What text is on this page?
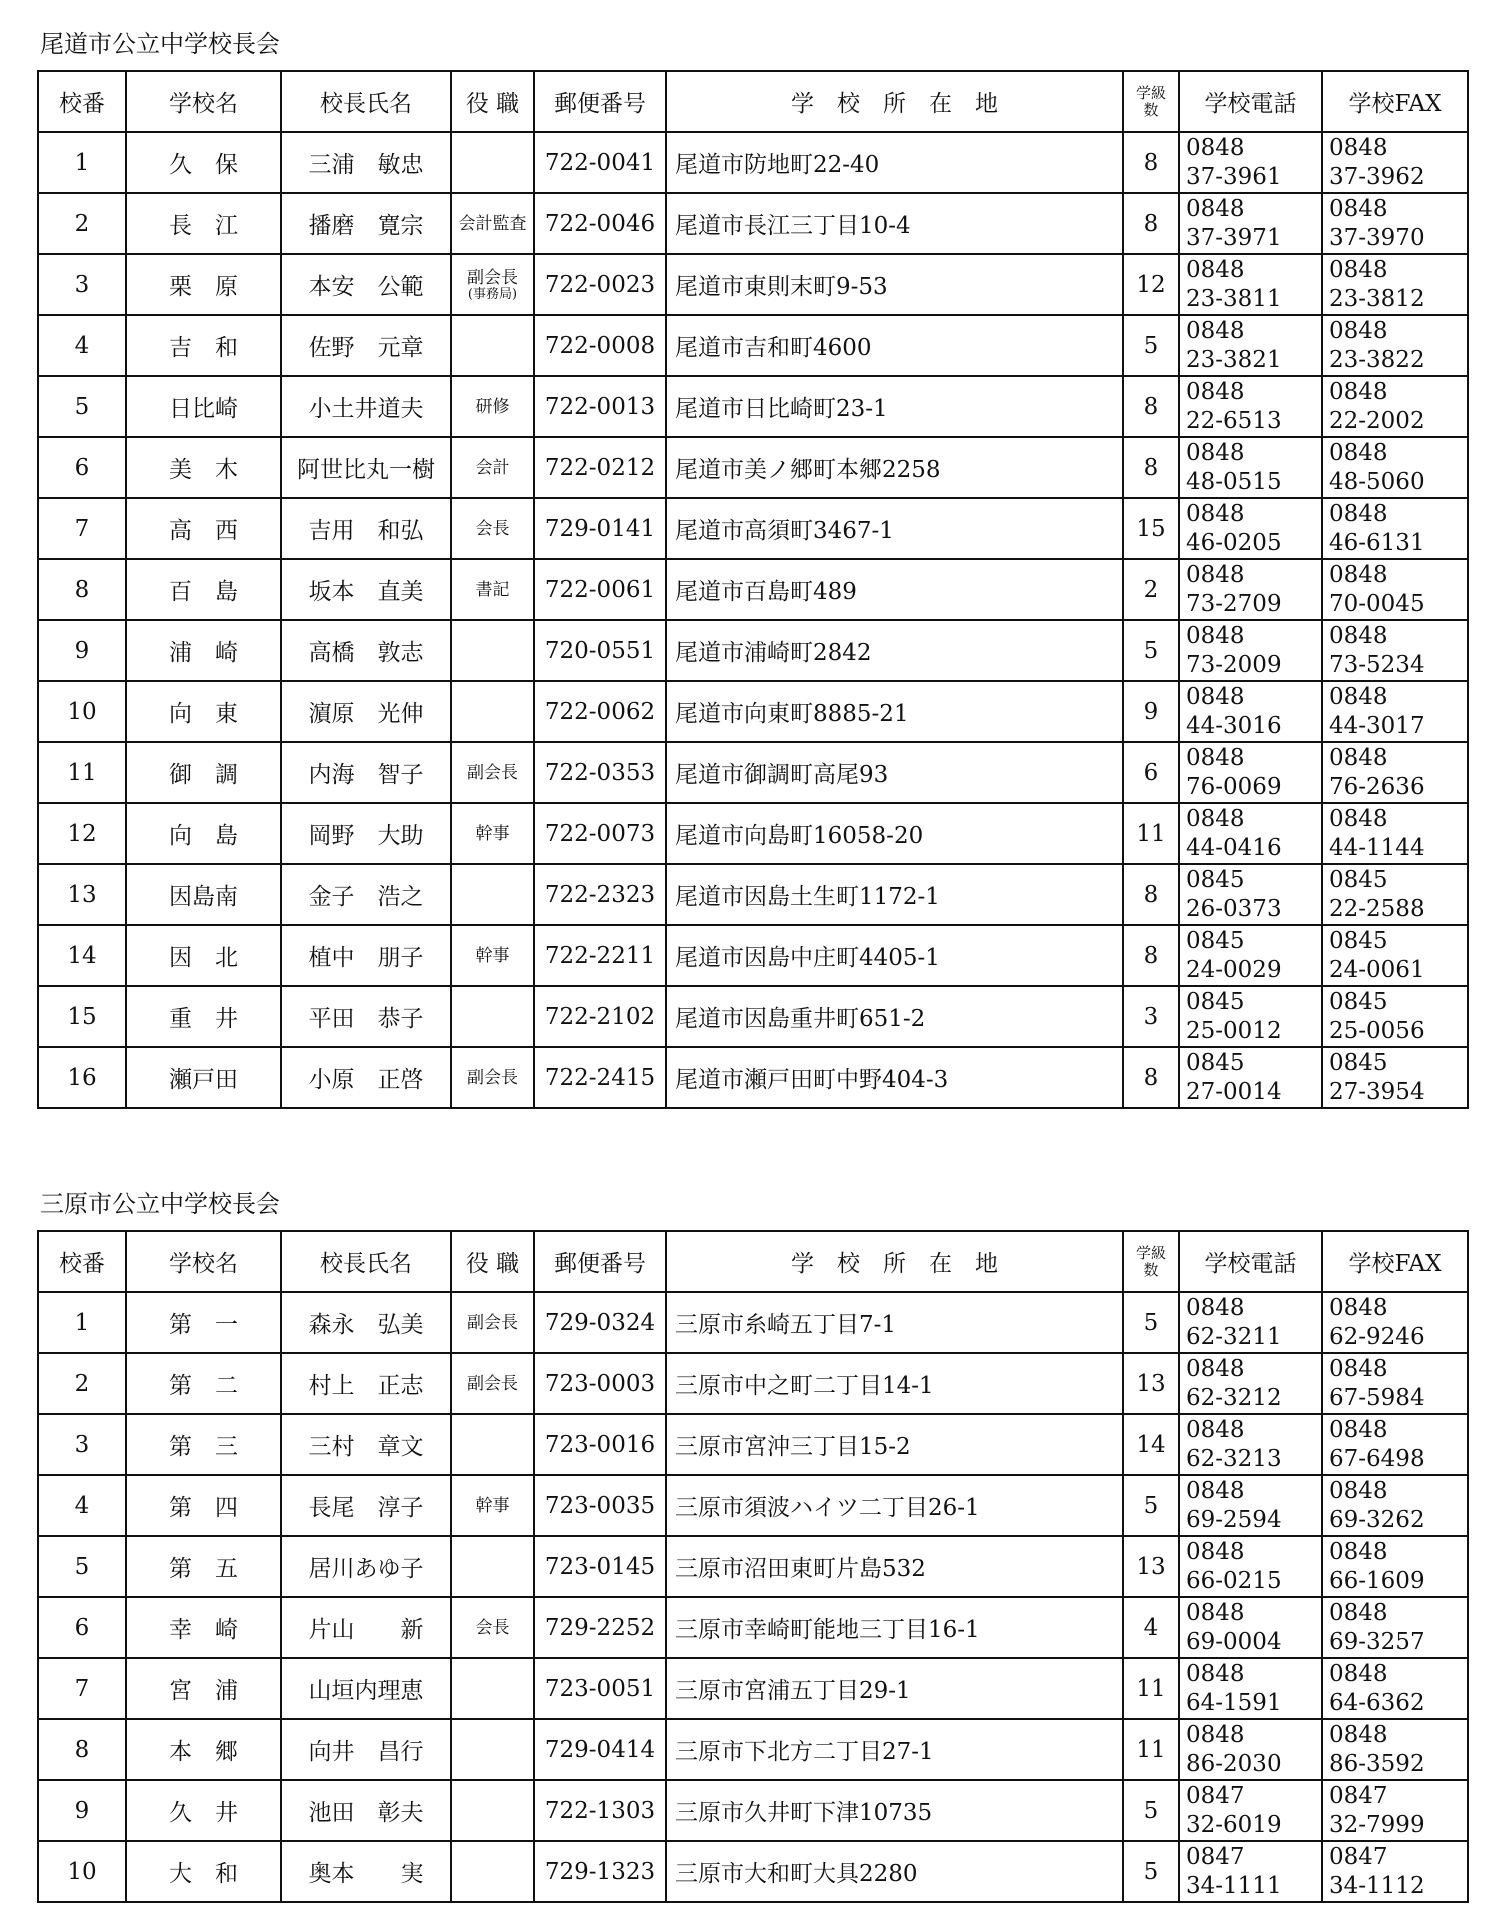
尾道市公立中学校長会
校番	学校名	校長氏名	役 職	郵便番号	学　校　所　在　地	学級数	学校電話	学校FAX
1	久　保	三浦　敏忠		722-0041	尾道市防地町22-40	8	0848
37-3961	0848
37-3962

2	長　江	播磨　寛宗	会計監査	722-0046	尾道市長江三丁目10-4	8	0848
37-3971	0848
37-3970

3	栗　原	本安　公範	副会長
(事務局)	722-0023	尾道市東則末町9-53	12	0848
23-3811	0848
23-3812

4	吉　和	佐野　元章		722-0008	尾道市吉和町4600	5	0848
23-3821	0848
23-3822

5	日比崎	小土井道夫	研修	722-0013	尾道市日比崎町23-1	8	0848
22-6513	0848
22-2002

6	美　木	阿世比丸一樹	会計	722-0212	尾道市美ノ郷町本郷2258	8	0848
48-0515	0848
48-5060

7	高　西	吉用　和弘	会長	729-0141	尾道市高須町3467-1	15	0848
46-0205	0848
46-6131

8	百　島	坂本　直美	書記	722-0061	尾道市百島町489	2	0848
73-2709	0848
70-0045

9	浦　崎	高橋　敦志		720-0551	尾道市浦崎町2842	5	0848
73-2009	0848
73-5234

10	向　東	濵原　光伸		722-0062	尾道市向東町8885-21	9	0848
44-3016	0848
44-3017

11	御　調	内海　智子	副会長	722-0353	尾道市御調町高尾93	6	0848
76-0069	0848
76-2636

12	向　島	岡野　大助	幹事	722-0073	尾道市向島町16058-20	11	0848
44-0416	0848
44-1144

13	因島南	金子　浩之		722-2323	尾道市因島土生町1172-1	8	0845
26-0373	0845
22-2588

14	因　北	植中　朋子	幹事	722-2211	尾道市因島中庄町4405-1	8	0845
24-0029	0845
24-0061

15	重　井	平田　恭子		722-2102	尾道市因島重井町651-2	3	0845
25-0012	0845
25-0056

16	瀬戸田	小原　正啓	副会長	722-2415	尾道市瀬戸田町中野404-3	8	0845
27-0014	0845
27-3954
三原市公立中学校長会
校番	学校名	校長氏名	役 職	郵便番号	学　校　所　在　地	学級数	学校電話	学校FAX
1	第　一	森永　弘美	副会長	729-0324	三原市糸崎五丁目7-1	5	0848
62-3211	0848
62-9246

2	第　二	村上　正志	副会長	723-0003	三原市中之町二丁目14-1	13	0848
62-3212	0848
67-5984

3	第　三	三村　章文		723-0016	三原市宮沖三丁目15-2	14	0848
62-3213	0848
67-6498

4	第　四	長尾　淳子	幹事	723-0035	三原市須波ハイツ二丁目26-1	5	0848
69-2594	0848
69-3262

5	第　五	居川あゆ子		723-0145	三原市沼田東町片島532	13	0848
66-0215	0848
66-1609

6	幸　崎	片山　　新	会長	729-2252	三原市幸崎町能地三丁目16-1	4	0848
69-0004	0848
69-3257

7	宮　浦	山垣内理恵		723-0051	三原市宮浦五丁目29-1	11	0848
64-1591	0848
64-6362

8	本　郷	向井　昌行		729-0414	三原市下北方二丁目27-1	11	0848
86-2030	0848
86-3592

9	久　井	池田　彰夫		722-1303	三原市久井町下津10735	5	0847
32-6019	0847
32-7999

10	大　和	奥本　　実		729-1323	三原市大和町大具2280	5	0847
34-1111	0847
34-1112
